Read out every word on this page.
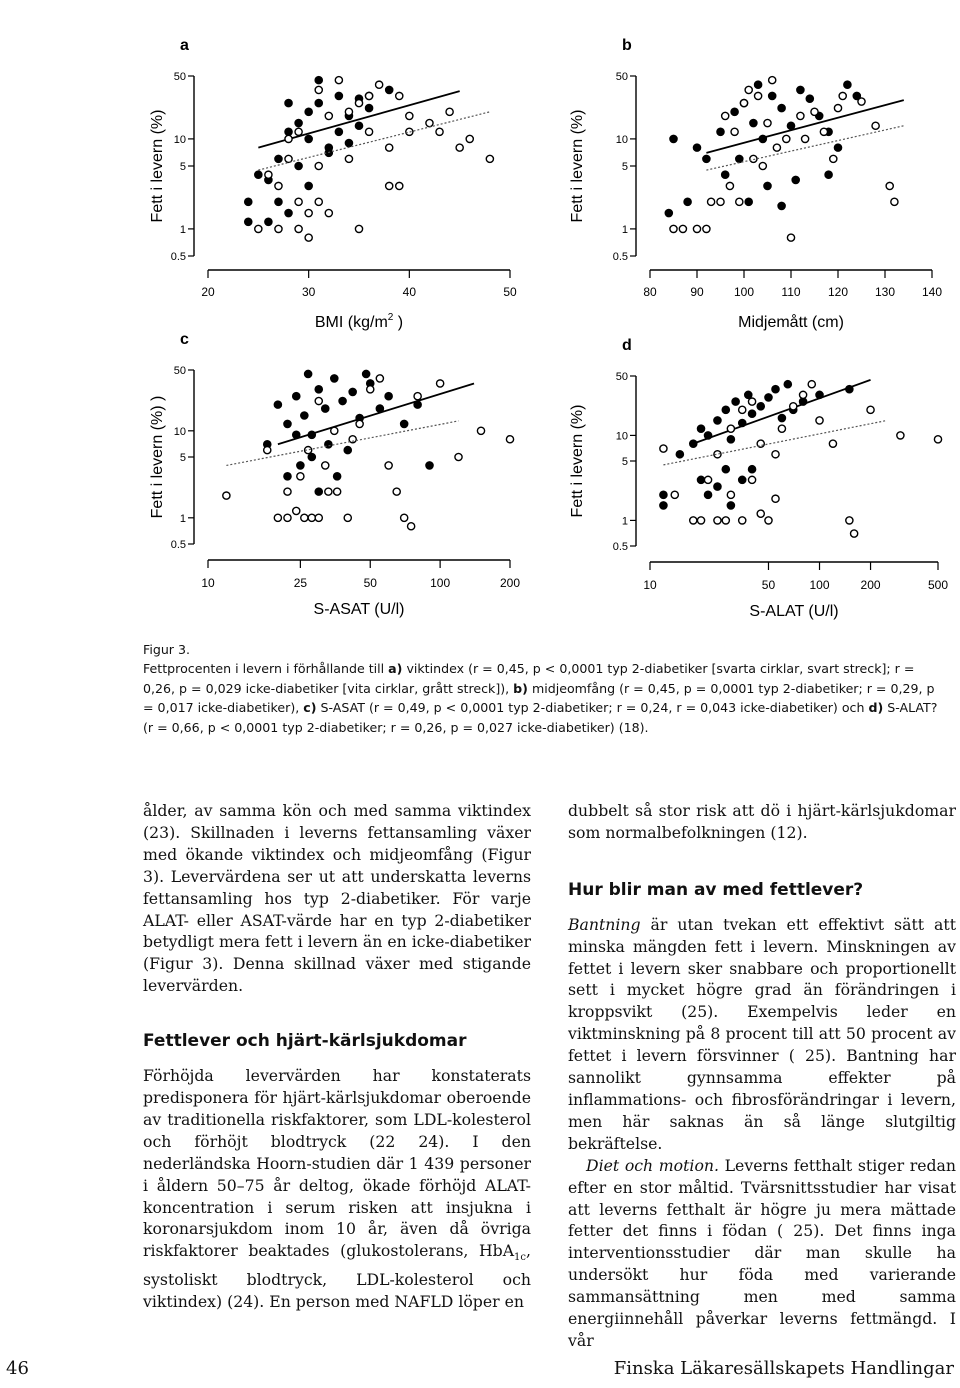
a
0.5
1
5
10
50
20	30	40	50
BMI ($kg/m^2$ )
Fett i levern (%)
b
0.5
1
5
10
50
80	90	100 110 120 130 140
Midjemått (cm)
Fett i levern (%)
c
0.5
1
5
10
50
10	25	50	100	200
S-ASAT (U/l)
Fett i levern (%) )
d
0.5
1
5
10
50
10	50	100	200	500
S-ALAT (U/l)
Fett i levern (%)

Figur 3.

Fettprocenten i levern i förhållande till a) viktindex (r = 0,45, p < 0,0001 typ 2-diabetiker [svarta cirklar, svart streck]; r = 0,26, p = 0,029 icke-diabetiker [vita cirklar, grått streck]), b) midjeomfång (r = 0,45, p = 0,0001 typ 2-diabetiker; r = 0,29, p = 0,017 icke-diabetiker), c) S-ASAT (r = 0,49, p < 0,0001 typ 2-diabetiker; r = 0,24, r = 0,043 icke-diabetiker) och d) S-ALAT? (r = 0,66, p < 0,0001 typ 2-diabetiker; r = 0,26, p = 0,027 icke-diabetiker) (18).

ålder, av samma kön och med samma viktindex (23). Skillnaden i leverns fettansamling växer med ökande viktindex och midjeomfång (Figur 3). Levervärdena ser ut att underskatta leverns fettansamling hos typ 2-diabetiker. För varje ALAT- eller ASAT-värde har en typ 2-diabetiker betydligt mera fett i levern än en icke-diabetiker (Figur 3). Denna skillnad växer med stigande levervärden.

Fettlever och hjärt-kärlsjukdomar

Förhöjda levervärden har konstaterats predisponera för hjärt-kärlsjukdomar oberoende av traditionella riskfaktorer, som LDL-kolesterol och förhöjt blodtryck (22 24). I den nederländska Hoorn-studien där 1 439 personer i åldern 50–75 år deltog, ökade förhöjd ALAT-koncentration i serum risken att insjukna i koronarsjukdom inom 10 år, även då övriga riskfaktorer beaktades (glukostolerans, HbA$_{1c}$, systoliskt blodtryck, LDL-kolesterol och viktindex) (24). En person med NAFLD löper en

dubbelt så stor risk att dö i hjärt-kärlsjukdomar som normalbefolkningen (12).

Hur blir man av med fettlever?

Bantning är utan tvekan ett effektivt sätt att minska mängden fett i levern. Minskningen av fettet i levern sker snabbare och proportionellt sett i mycket högre grad än förändringen i kroppsvikt (25). Exempelvis leder en viktminskning på 8 procent till att 50 procent av fettet i levern försvinner ( 25). Bantning har sannolikt gynnsamma effekter på inflammations- och fibrosförändringar i levern, men här saknas än så länge slutgiltig bekräftelse.

Diet och motion. Leverns fetthalt stiger redan efter en stor måltid. Tvärsnittsstudier har visat att leverns fetthalt är högre ju mera mättade fetter det finns i födan ( 25). Det finns inga interventionsstudier där man skulle ha undersökt hur föda med varierande sammansättning men med samma energiinnehåll påverkar leverns fettmängd. I vår

46	Finska Läkaresällskapets Handlingar
